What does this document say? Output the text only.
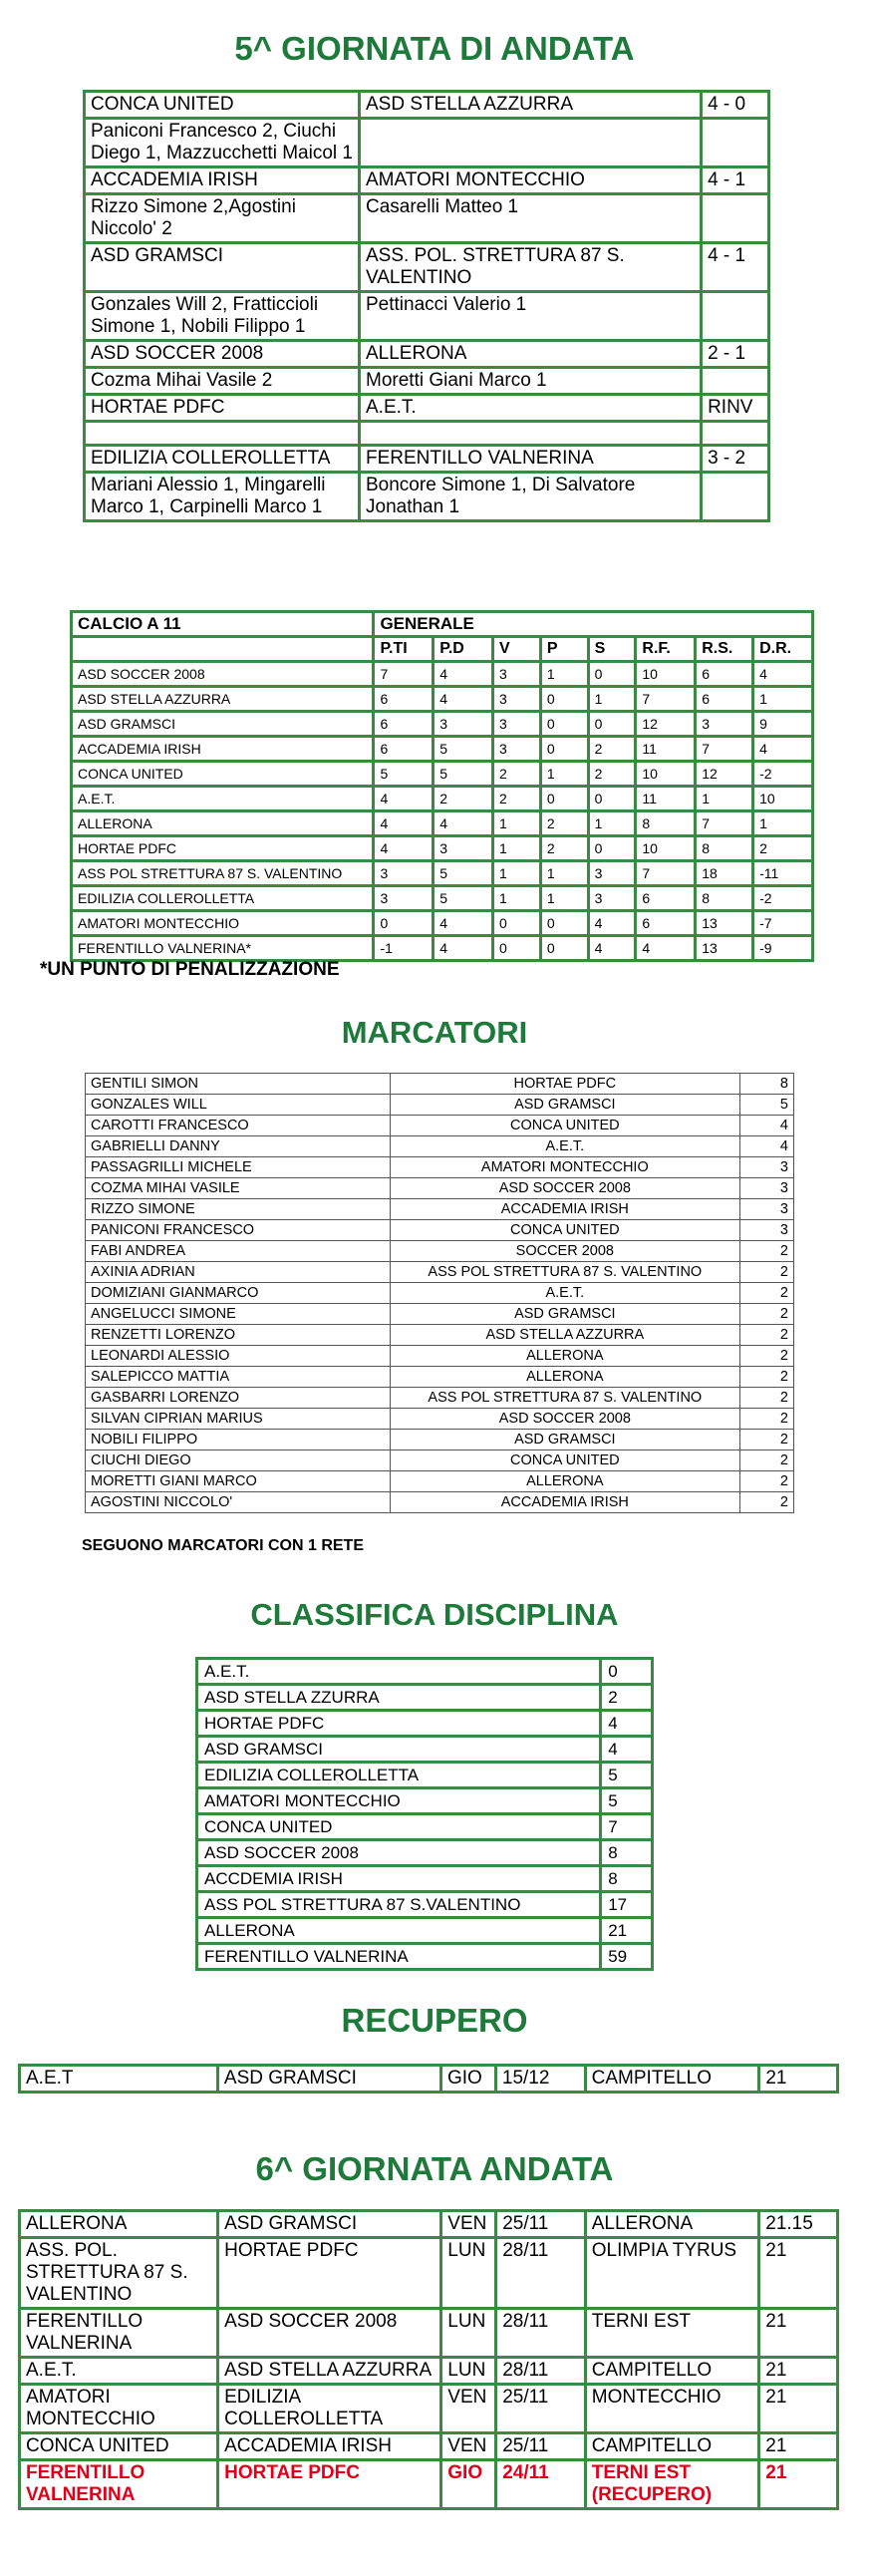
5^ GIORNATA DI ANDATA
CONCA UNITED	ASD STELLA AZZURRA	4 - 0
Paniconi Francesco 2, Ciuchi Diego 1, Mazzucchetti Maicol 1		
ACCADEMIA IRISH	AMATORI MONTECCHIO	4 - 1
Rizzo Simone 2,Agostini Niccolo' 2	Casarelli Matteo 1	
ASD GRAMSCI	ASS. POL. STRETTURA 87 S. VALENTINO	4 - 1
Gonzales Will 2, Fratticcioli Simone 1, Nobili Filippo 1	Pettinacci Valerio 1	
ASD SOCCER 2008	ALLERONA	2 - 1
Cozma Mihai Vasile 2	Moretti Giani Marco 1	
HORTAE PDFC	A.E.T.	RINV

EDILIZIA COLLEROLLETTA	FERENTILLO VALNERINA	3 - 2
Mariani Alessio 1, Mingarelli Marco 1, Carpinelli Marco 1	Boncore Simone 1, Di Salvatore Jonathan 1	
CALCIO A 11	GENERALE							
	P.TI	P.D	V	P	S	R.F.	R.S.	D.R.
ASD SOCCER 2008	7	4	3	1	0	10	6	4
ASD STELLA AZZURRA	6	4	3	0	1	7	6	1
ASD GRAMSCI	6	3	3	0	0	12	3	9
ACCADEMIA IRISH	6	5	3	0	2	11	7	4
CONCA UNITED	5	5	2	1	2	10	12	-2
A.E.T.	4	2	2	0	0	11	1	10
ALLERONA	4	4	1	2	1	8	7	1
HORTAE PDFC	4	3	1	2	0	10	8	2
ASS POL STRETTURA 87 S. VALENTINO	3	5	1	1	3	7	18	-11
EDILIZIA COLLEROLLETTA	3	5	1	1	3	6	8	-2
AMATORI MONTECCHIO	0	4	0	0	4	6	13	-7
FERENTILLO VALNERINA*	-1	4	0	0	4	4	13	-9

*UN PUNTO DI PENALIZZAZIONE

MARCATORI
GENTILI SIMON	HORTAE PDFC	8
GONZALES WILL	ASD GRAMSCI	5
CAROTTI FRANCESCO	CONCA UNITED	4
GABRIELLI DANNY	A.E.T.	4
PASSAGRILLI MICHELE	AMATORI MONTECCHIO	3
COZMA MIHAI VASILE	ASD SOCCER 2008	3
RIZZO SIMONE	ACCADEMIA IRISH	3
PANICONI FRANCESCO	CONCA UNITED	3
FABI ANDREA	SOCCER 2008	2
AXINIA ADRIAN	ASS POL STRETTURA 87 S. VALENTINO	2
DOMIZIANI GIANMARCO	A.E.T.	2
ANGELUCCI SIMONE	ASD GRAMSCI	2
RENZETTI LORENZO	ASD STELLA AZZURRA	2
LEONARDI ALESSIO	ALLERONA	2
SALEPICCO MATTIA	ALLERONA	2
GASBARRI LORENZO	ASS POL STRETTURA 87 S. VALENTINO	2
SILVAN CIPRIAN MARIUS	ASD SOCCER 2008	2
NOBILI FILIPPO	ASD GRAMSCI	2
CIUCHI DIEGO	CONCA UNITED	2
MORETTI GIANI MARCO	ALLERONA	2
AGOSTINI NICCOLO'	ACCADEMIA IRISH	2

SEGUONO MARCATORI CON 1 RETE

CLASSIFICA DISCIPLINA
A.E.T.	0
ASD STELLA ZZURRA	2
HORTAE PDFC	4
ASD GRAMSCI	4
EDILIZIA COLLEROLLETTA	5
AMATORI MONTECCHIO	5
CONCA UNITED	7
ASD SOCCER 2008	8
ACCDEMIA IRISH	8
ASS POL STRETTURA 87 S.VALENTINO	17
ALLERONA	21
FERENTILLO VALNERINA	59
RECUPERO
A.E.T	ASD GRAMSCI	GIO	15/12	CAMPITELLO	21
6^ GIORNATA ANDATA
ALLERONA	ASD GRAMSCI	VEN	25/11	ALLERONA	21.15
ASS. POL. STRETTURA 87 S. VALENTINO	HORTAE PDFC	LUN	28/11	OLIMPIA TYRUS	21
FERENTILLO VALNERINA	ASD SOCCER 2008	LUN	28/11	TERNI EST	21
A.E.T.	ASD STELLA AZZURRA	LUN	28/11	CAMPITELLO	21
AMATORI MONTECCHIO	EDILIZIA COLLEROLLETTA	VEN	25/11	MONTECCHIO	21
CONCA UNITED	ACCADEMIA IRISH	VEN	25/11	CAMPITELLO	21
FERENTILLO VALNERINA	HORTAE PDFC	GIO	24/11	TERNI EST (RECUPERO)	21
